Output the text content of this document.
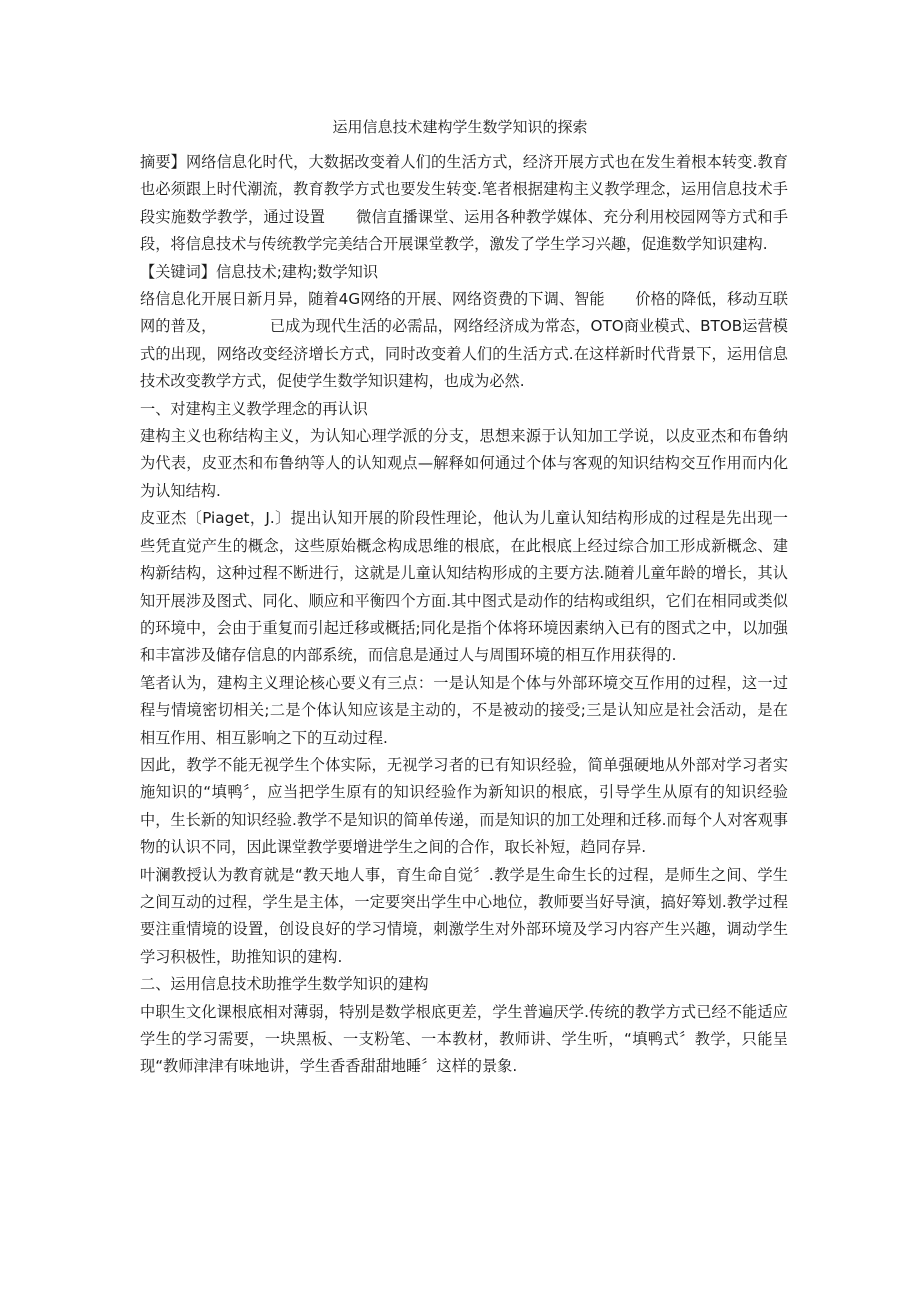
运用信息技术建构学生数学知识的探索

摘要】网络信息化时代，大数据改变着人们的生活方式，经济开展方式也在发生着根本转变.教育也必须跟上时代潮流，教育教学方式也要发生转变.笔者根据建构主义教学理念，运用信息技术手段实施数学教学，通过设置　　微信直播课堂、运用各种教学媒体、充分利用校园网等方式和手段，将信息技术与传统教学完美结合开展课堂教学，激发了学生学习兴趣，促進数学知识建构.

【关键词】信息技术;建构;数学知识

络信息化开展日新月异，随着4G网络的开展、网络资费的下调、智能　　价格的降低，移动互联网的普及，　　　　已成为现代生活的必需品，网络经济成为常态，OTO商业模式、BTOB运营模式的出现，网络改变经济增长方式，同时改变着人们的生活方式.在这样新时代背景下，运用信息技术改变教学方式，促使学生数学知识建构，也成为必然.

一、对建构主义教学理念的再认识

建构主义也称结构主义，为认知心理学派的分支，思想来源于认知加工学说，以皮亚杰和布鲁纳为代表，皮亚杰和布鲁纳等人的认知观点—解释如何通过个体与客观的知识结构交互作用而内化为认知结构.

皮亚杰〔Piaget，J.〕提出认知开展的阶段性理论，他认为儿童认知结构形成的过程是先出现一些凭直觉产生的概念，这些原始概念构成思维的根底，在此根底上经过综合加工形成新概念、建构新结构，这种过程不断进行，这就是儿童认知结构形成的主要方法.随着儿童年龄的增长，其认知开展涉及图式、同化、顺应和平衡四个方面.其中图式是动作的结构或组织，它们在相同或类似的环境中，会由于重复而引起迁移或概括;同化是指个体将环境因素纳入已有的图式之中，以加强和丰富涉及储存信息的内部系统，而信息是通过人与周围环境的相互作用获得的.

笔者认为，建构主义理论核心要义有三点：一是认知是个体与外部环境交互作用的过程，这一过程与情境密切相关;二是个体认知应该是主动的，不是被动的接受;三是认知应是社会活动，是在相互作用、相互影响之下的互动过程.

因此，教学不能无视学生个体实际，无视学习者的已有知识经验，简单强硬地从外部对学习者实施知识的“填鸭〞，应当把学生原有的知识经验作为新知识的根底，引导学生从原有的知识经验中，生长新的知识经验.教学不是知识的简单传递，而是知识的加工处理和迁移.而每个人对客观事物的认识不同，因此课堂教学要增进学生之间的合作，取长补短，趋同存异.

叶澜教授认为教育就是“教天地人事，育生命自觉〞.教学是生命生长的过程，是师生之间、学生之间互动的过程，学生是主体，一定要突出学生中心地位，教师要当好导演，搞好筹划.教学过程要注重情境的设置，创设良好的学习情境，刺激学生对外部环境及学习内容产生兴趣，调动学生学习积极性，助推知识的建构.

二、运用信息技术助推学生数学知识的建构

中职生文化课根底相对薄弱，特别是数学根底更差，学生普遍厌学.传统的教学方式已经不能适应学生的学习需要，一块黑板、一支粉笔、一本教材，教师讲、学生听，“填鸭式〞教学，只能呈现“教师津津有味地讲，学生香香甜甜地睡〞这样的景象.
